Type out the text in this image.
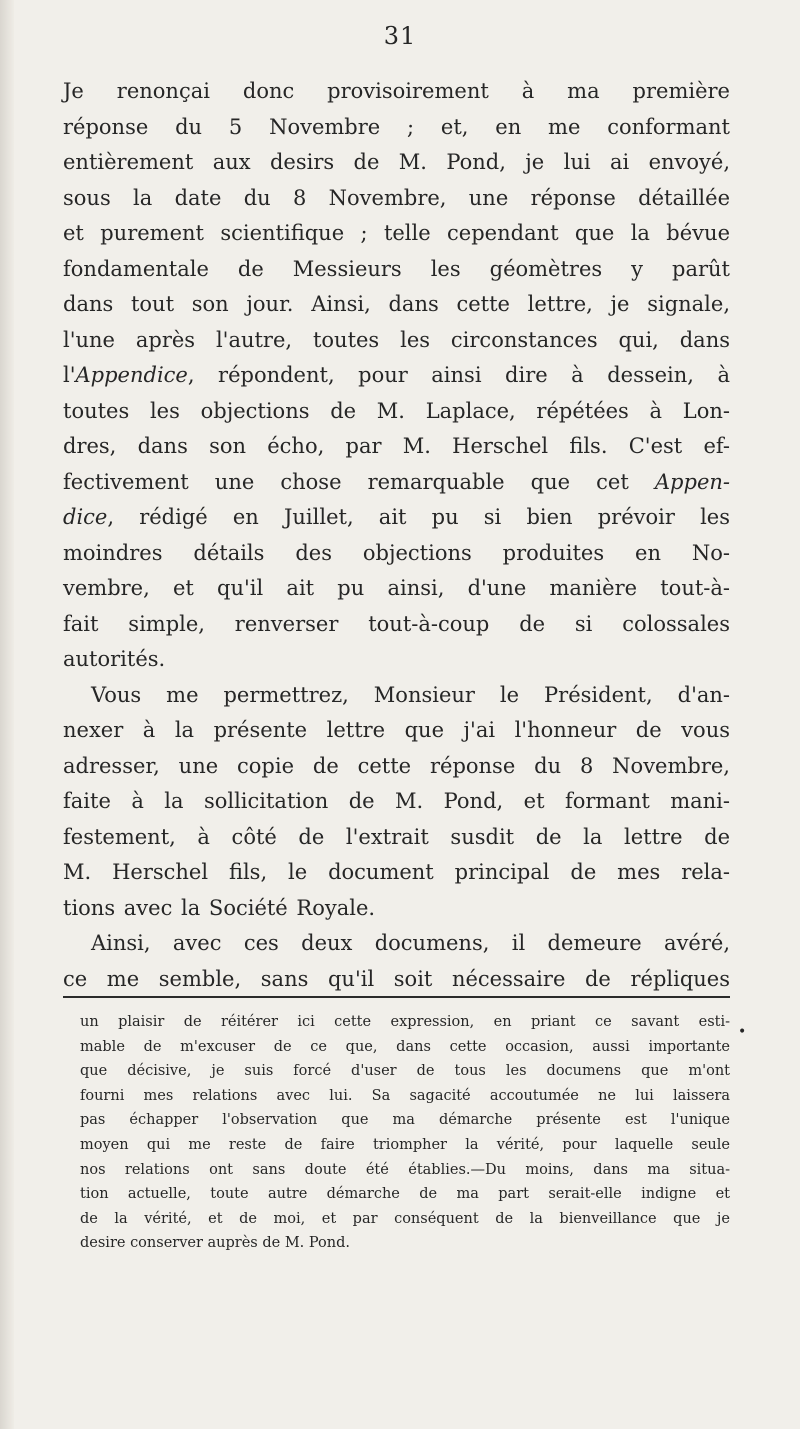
31
Je renonçai donc provisoirement à ma première
réponse du 5 Novembre ; et, en me conformant
entièrement aux desirs de M. Pond, je lui ai envoyé,
sous la date du 8 Novembre, une réponse détaillée
et purement scientifique ; telle cependant que la bévue
fondamentale de Messieurs les géomètres y parût
dans tout son jour. Ainsi, dans cette lettre, je signale,
l'une après l'autre, toutes les circonstances qui, dans
l'Appendice, répondent, pour ainsi dire à dessein, à
toutes les objections de M. Laplace, répétées à Lon-
dres, dans son écho, par M. Herschel fils. C'est ef-
fectivement une chose remarquable que cet Appen-
dice, rédigé en Juillet, ait pu si bien prévoir les
moindres détails des objections produites en No-
vembre, et qu'il ait pu ainsi, d'une manière tout-à-
fait simple, renverser tout-à-coup de si colossales
autorités.
Vous me permettrez, Monsieur le Président, d'an-
nexer à la présente lettre que j'ai l'honneur de vous
adresser, une copie de cette réponse du 8 Novembre,
faite à la sollicitation de M. Pond, et formant mani-
festement, à côté de l'extrait susdit de la lettre de
M. Herschel fils, le document principal de mes rela-
tions avec la Société Royale.
Ainsi, avec ces deux documens, il demeure avéré,
ce me semble, sans qu'il soit nécessaire de répliques
•
un plaisir de réitérer ici cette expression, en priant ce savant esti-
mable de m'excuser de ce que, dans cette occasion, aussi importante
que décisive, je suis forcé d'user de tous les documens que m'ont
fourni mes relations avec lui. Sa sagacité accoutumée ne lui laissera
pas échapper l'observation que ma démarche présente est l'unique
moyen qui me reste de faire triompher la vérité, pour laquelle seule
nos relations ont sans doute été établies.—Du moins, dans ma situa-
tion actuelle, toute autre démarche de ma part serait-elle indigne et
de la vérité, et de moi, et par conséquent de la bienveillance que je
desire conserver auprès de M. Pond.
